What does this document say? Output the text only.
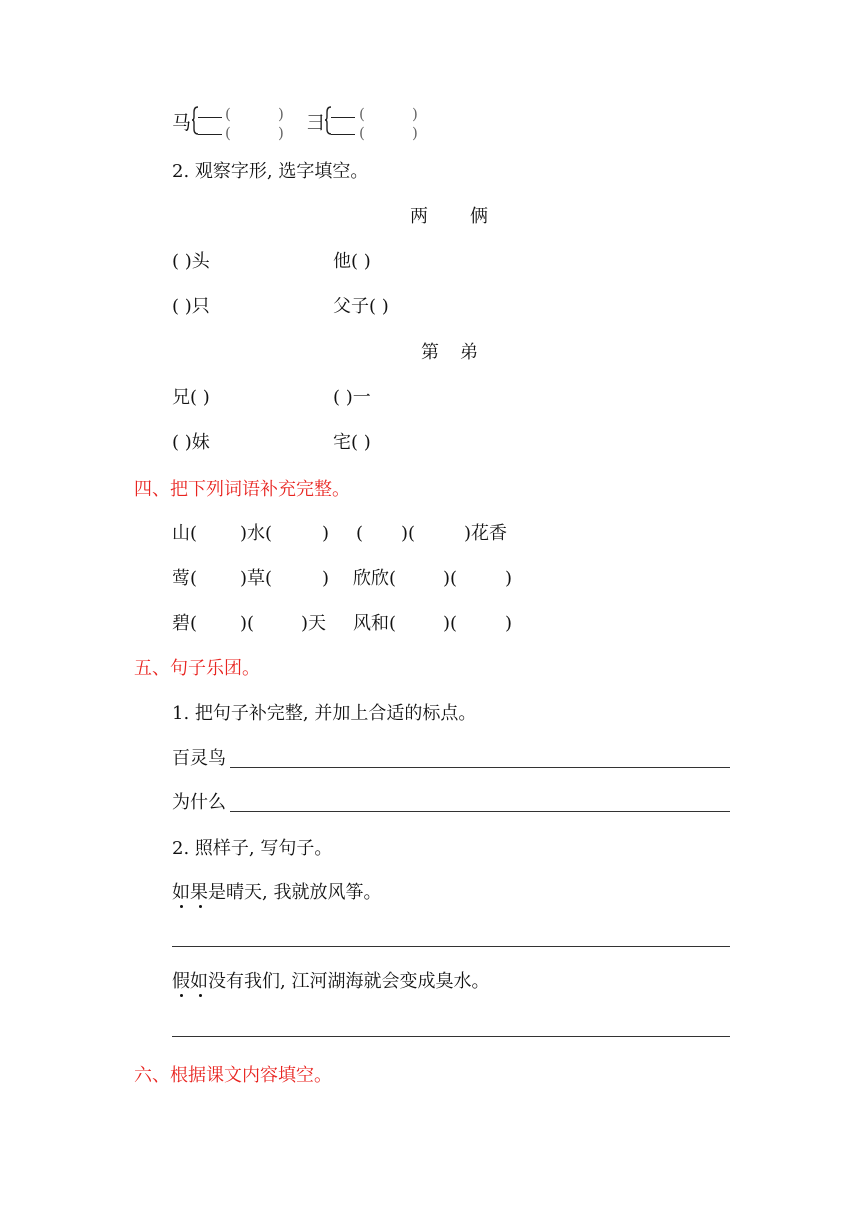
马 (
(
)
) 彐 (
(
)
)
2. 观察字形, 选字填空。
两 俩
( )头	他( )
( )只	父子( )
第 弟
兄( )	( )一
( )妹	宅( )
四、把下列词语补充完整。
山( )水(	) ( )(	)花香
莺( )草(	) 欣欣(	)(	)
碧( )(	)天 风和(	)(	)
五、句子乐团。
1. 把句子补完整, 并加上合适的标点。
百灵鸟
为什么
2. 照样子, 写句子。
如果是晴天, 我就放风筝。
假如没有我们, 江河湖海就会变成臭水。
六、根据课文内容填空。
